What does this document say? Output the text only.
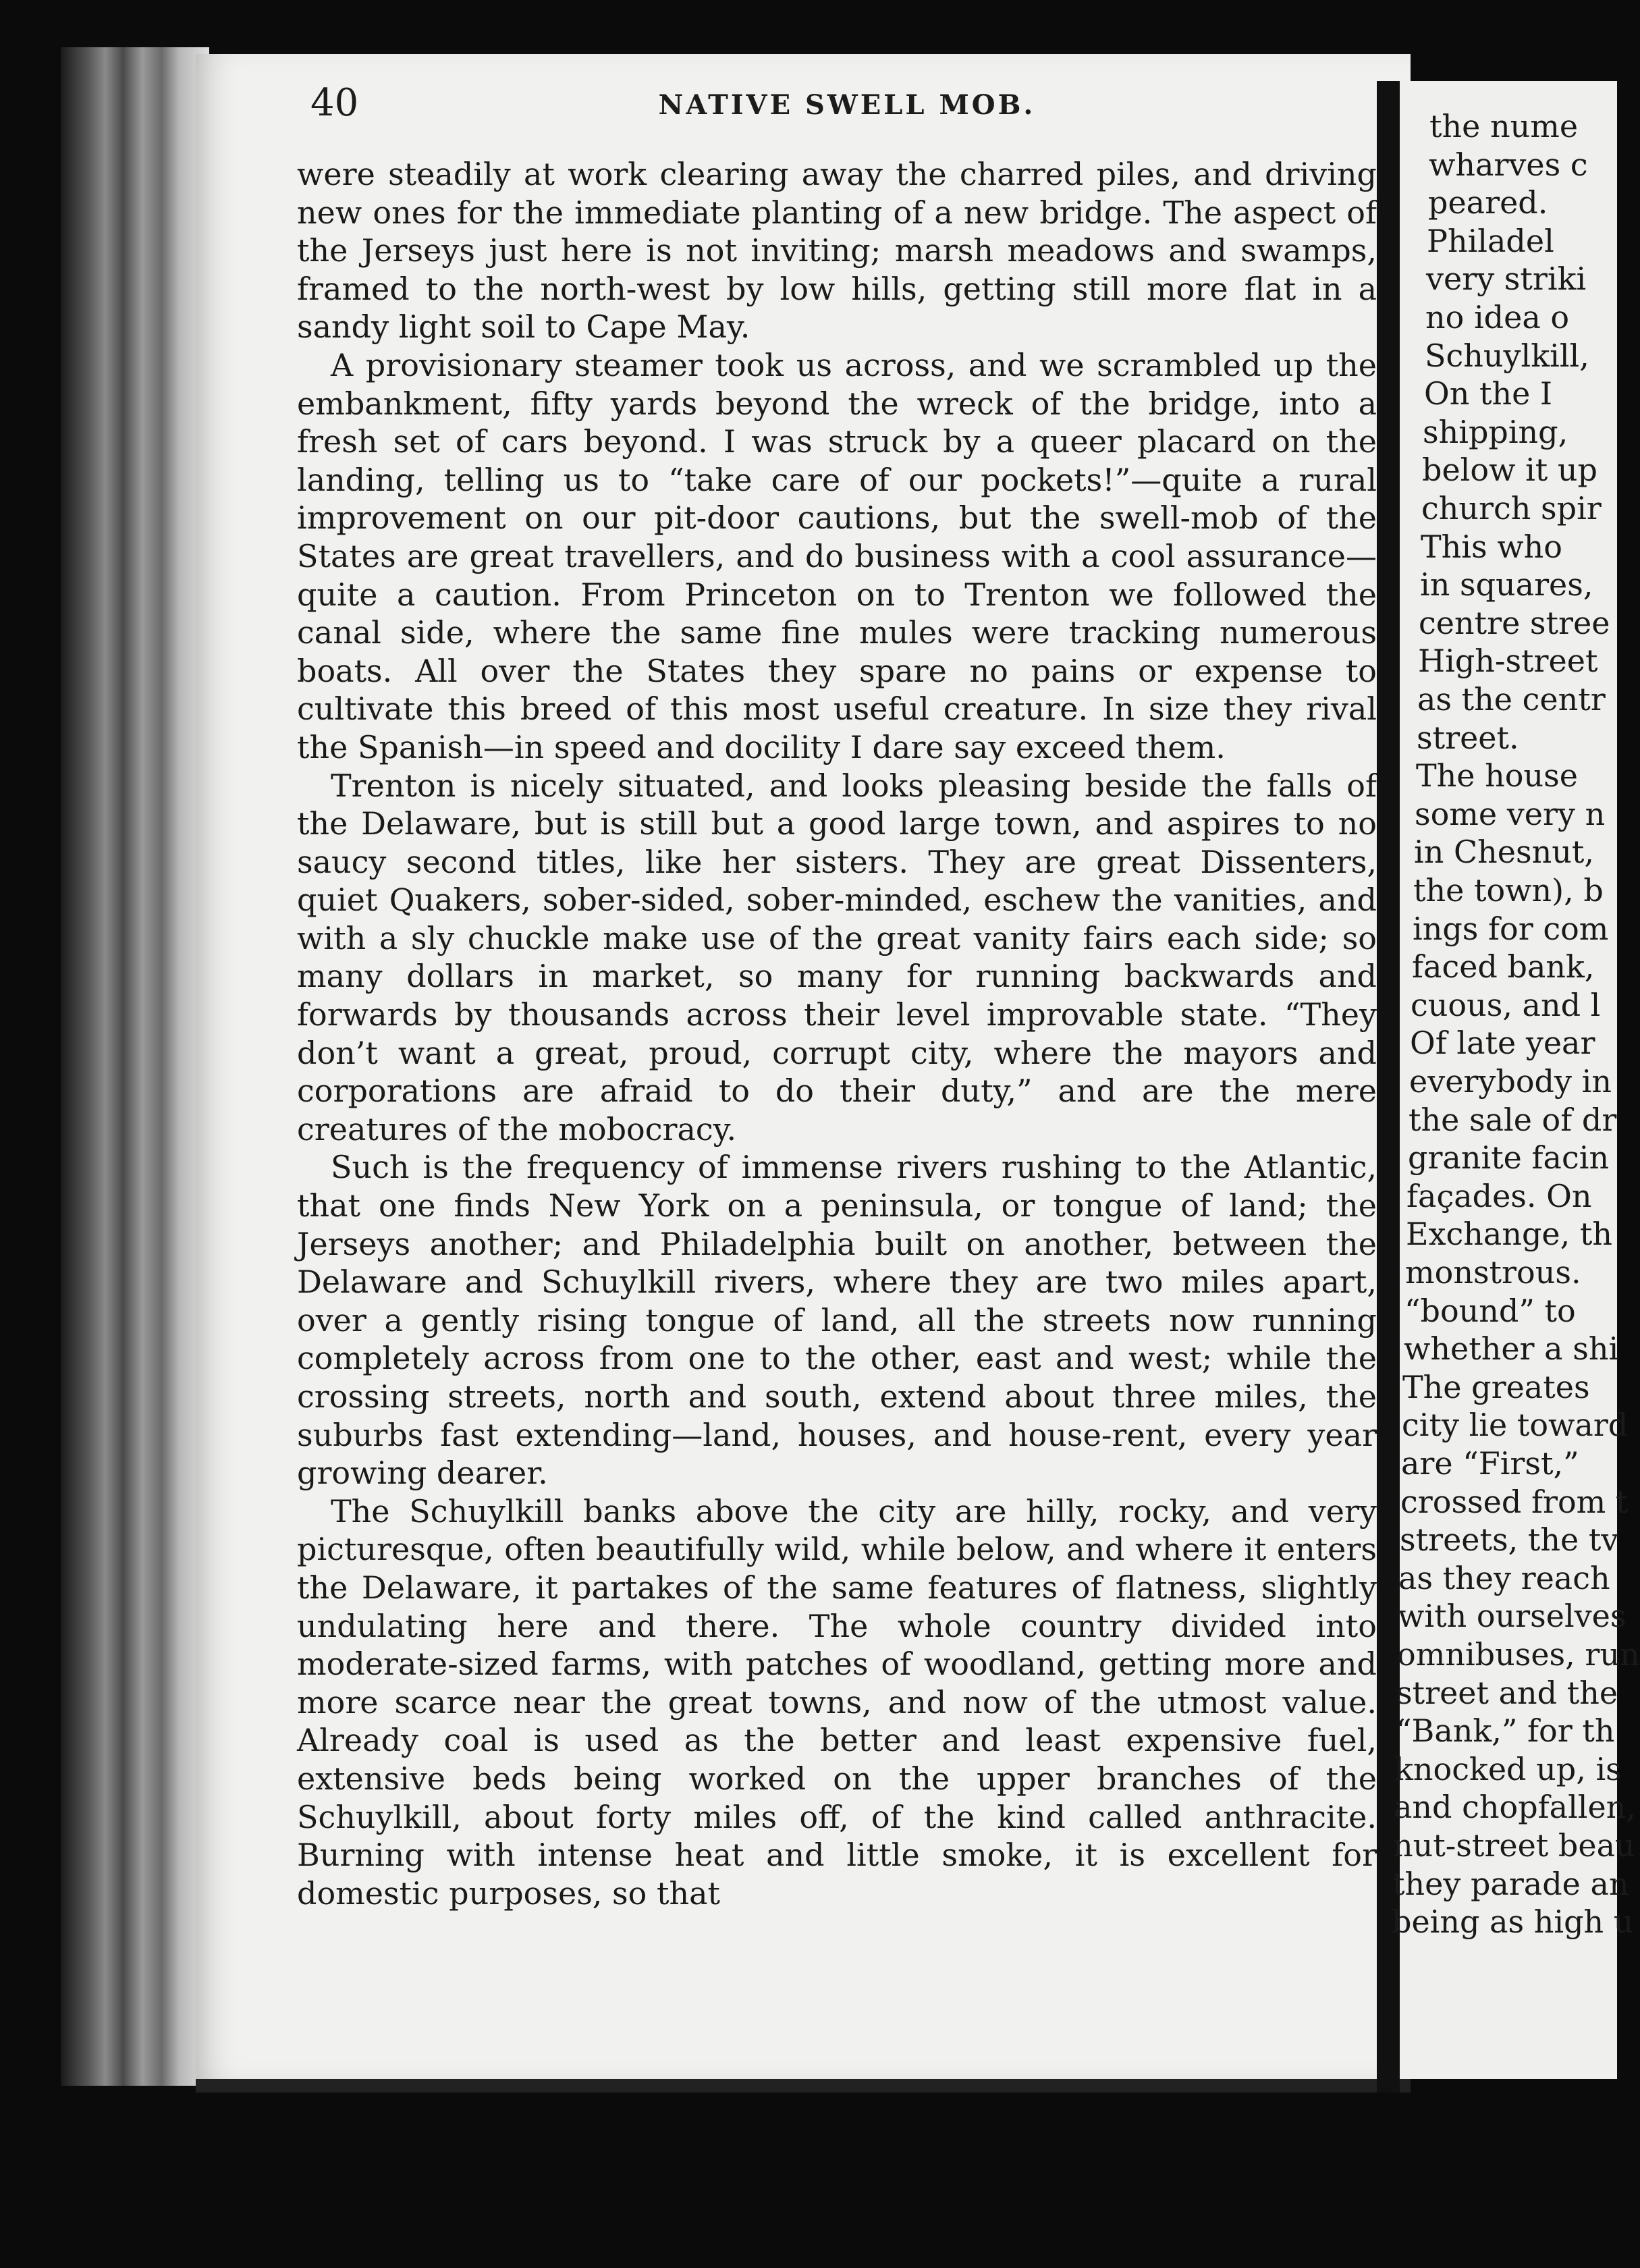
40	NATIVE SWELL MOB.

were steadily at work clearing away the charred piles, and driving new ones for the immediate planting of a new bridge. The aspect of the Jerseys just here is not inviting; marsh meadows and swamps, framed to the north-west by low hills, getting still more flat in a sandy light soil to Cape May.

A provisionary steamer took us across, and we scrambled up the embankment, fifty yards beyond the wreck of the bridge, into a fresh set of cars beyond. I was struck by a queer placard on the landing, telling us to “take care of our pockets!”—quite a rural improvement on our pit-door cautions, but the swell-mob of the States are great travellers, and do business with a cool assurance—quite a caution. From Princeton on to Trenton we followed the canal side, where the same fine mules were tracking numerous boats. All over the States they spare no pains or expense to cultivate this breed of this most useful creature. In size they rival the Spanish—in speed and docility I dare say exceed them.

Trenton is nicely situated, and looks pleasing beside the falls of the Delaware, but is still but a good large town, and aspires to no saucy second titles, like her sisters. They are great Dissenters, quiet Quakers, sober-sided, sober-minded, eschew the vanities, and with a sly chuckle make use of the great vanity fairs each side; so many dollars in market, so many for running backwards and forwards by thousands across their level improvable state. “They don’t want a great, proud, corrupt city, where the mayors and corporations are afraid to do their duty,” and are the mere creatures of the mobocracy.

Such is the frequency of immense rivers rushing to the Atlantic, that one finds New York on a peninsula, or tongue of land; the Jerseys another; and Philadelphia built on another, between the Delaware and Schuylkill rivers, where they are two miles apart, over a gently rising tongue of land, all the streets now running completely across from one to the other, east and west; while the crossing streets, north and south, extend about three miles, the suburbs fast extending—land, houses, and house-rent, every year growing dearer.

The Schuylkill banks above the city are hilly, rocky, and very picturesque, often beautifully wild, while below, and where it enters the Delaware, it partakes of the same features of flatness, slightly undulating here and there. The whole country divided into moderate-sized farms, with patches of woodland, getting more and more scarce near the great towns, and now of the utmost value. Already coal is used as the better and least expensive fuel, extensive beds being worked on the upper branches of the Schuylkill, about forty miles off, of the kind called anthracite. Burning with intense heat and little smoke, it is excellent for domestic purposes, so that

the nume
wharves c
peared.
Philadel
very striki
no idea o
Schuylkill,
On the I
shipping,
below it up
church spir
This who
in squares,
centre stree
High-street
as the centr
street.
The house
some very n
in Chesnut,
the town), b
ings for com
faced bank,
cuous, and l
Of late year
everybody in
the sale of dr
granite facin
façades. On
Exchange, th
monstrous.
“bound” to
whether a shi
The greates
city lie toward
are “First,”
crossed from t
streets, the tv
as they reach
with ourselves
omnibuses, run
street and the
“Bank,” for th
knocked up, is
and chopfallen,
nut-street beau
they parade an
being as high u
